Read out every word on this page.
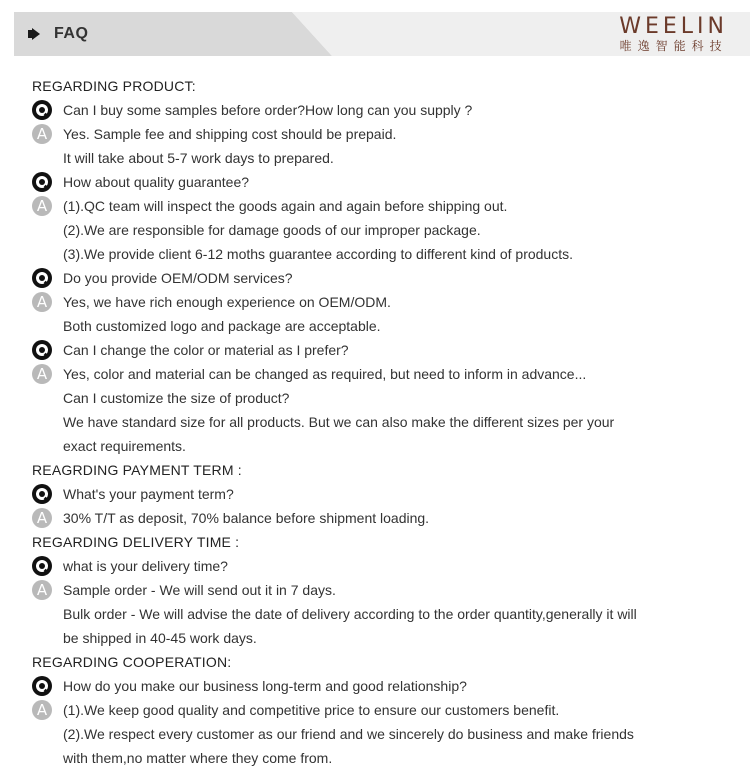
FAQ	WEELIN
唯逸智能科技
REGARDING PRODUCT:
Can I buy some samples before order?How long can you supply ?
A	Yes. Sample fee and shipping cost should be prepaid.
It will take about 5-7 work days to prepared.
How about quality guarantee?
A	(1).QC team will inspect the goods again and again before shipping out.
(2).We are responsible for damage goods of our improper package.
(3).We provide client 6-12 moths guarantee according to different kind of products.
Do you provide OEM/ODM services?
A	Yes, we have rich enough experience on OEM/ODM.
Both customized logo and package are acceptable.
Can I change the color or material as I prefer?
A	Yes, color and material can be changed as required, but need to inform in advance...
Can I customize the size of product?
We have standard size for all products. But we can also make the different sizes per your
exact requirements.
REAGRDING PAYMENT TERM :
What's your payment term?
A	30% T/T as deposit, 70% balance before shipment loading.
REGARDING DELIVERY TIME :
what is your delivery time?
A	Sample order - We will send out it in 7 days.
Bulk order - We will advise the date of delivery according to the order quantity,generally it will
be shipped in 40-45 work days.
REGARDING COOPERATION:
How do you make our business long-term and good relationship?
A	(1).We keep good quality and competitive price to ensure our customers benefit.
(2).We respect every customer as our friend and we sincerely do business and make friends
with them,no matter where they come from.
